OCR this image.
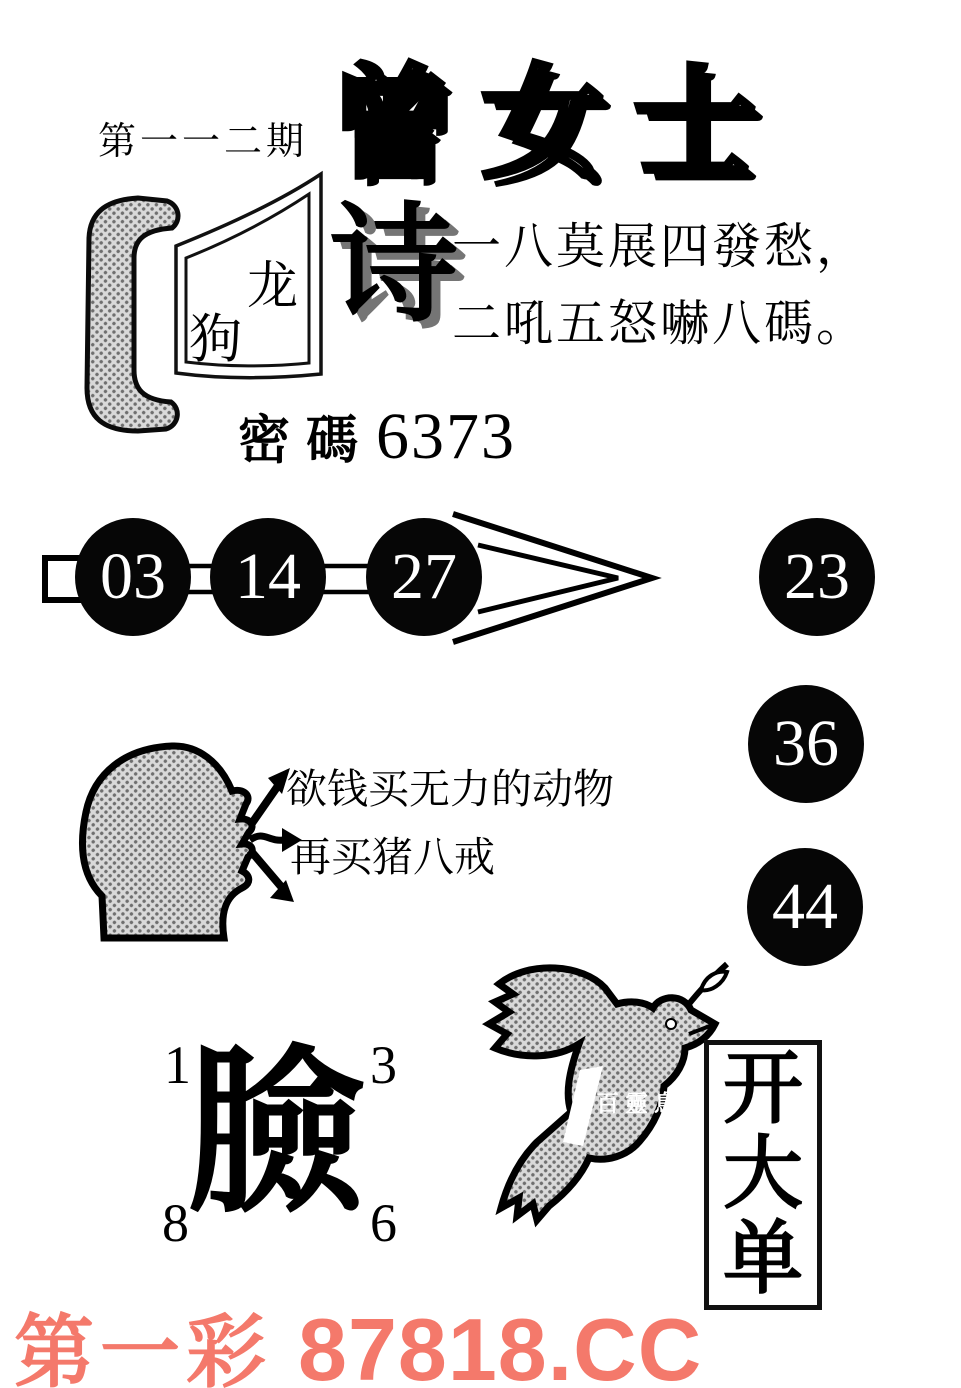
第一一二期 曾女士
龙
狗
诗
一八莫展四發愁，
二吼五怒嚇八碼。
密碼 6373
03	14	27	23
36
44
欲钱买无力的动物
再买猪八戒
1	3
8	6
臉	百靈鳥 开
大
单
第一彩 87818.CC
